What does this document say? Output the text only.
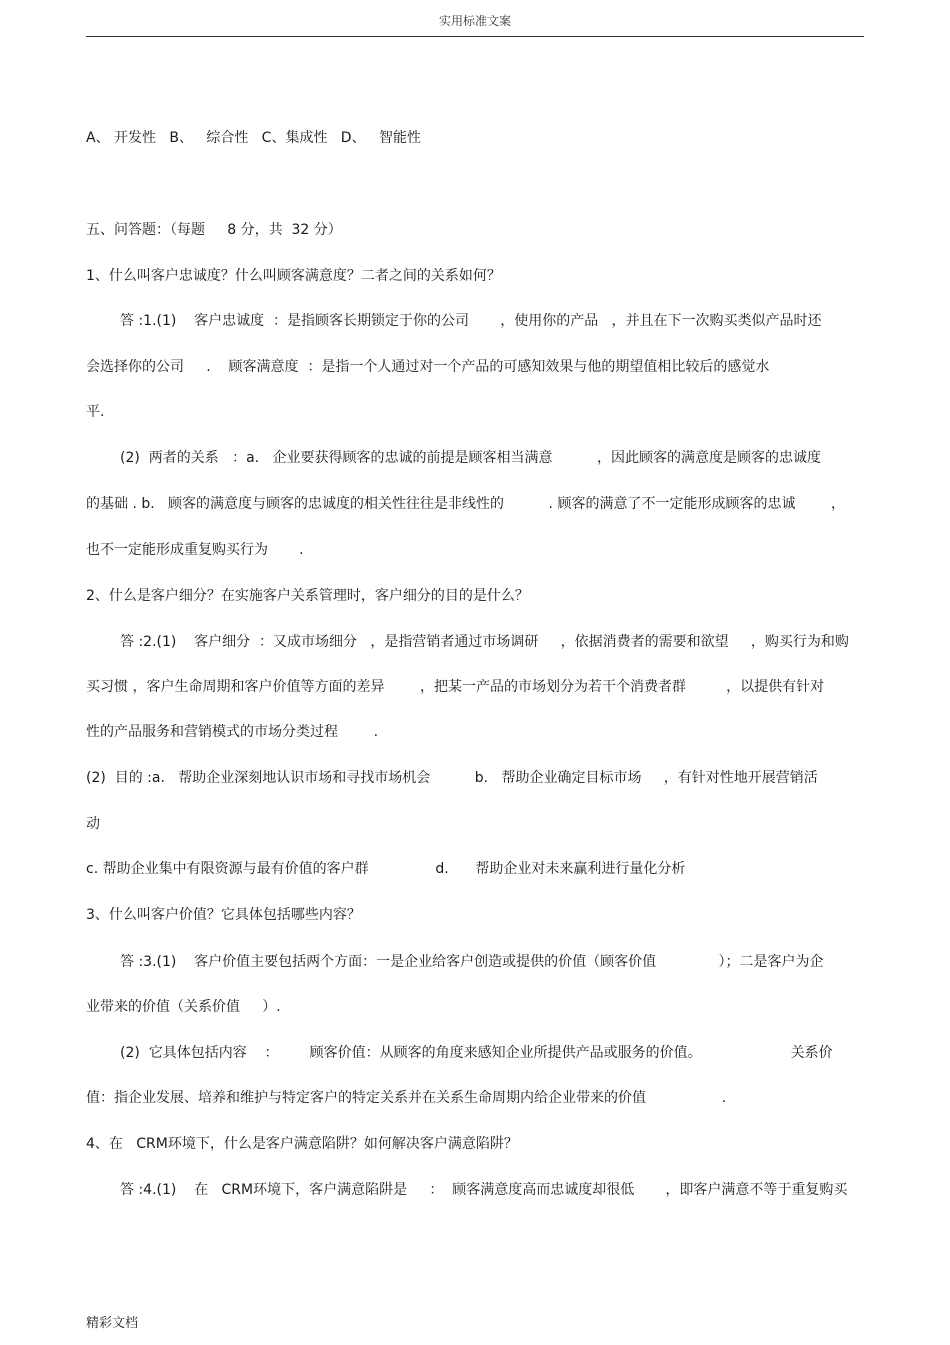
实用标准文案
A、 开发性   B、   综合性   C、集成性   D、   智能性
五、问答题：（每题     8 分，共  32 分）
1、什么叫客户忠诚度？什么叫顾客满意度？二者之间的关系如何？
答 :1.(1)    客户忠诚度  ：是指顾客长期锁定于你的公司       ，使用你的产品   ，并且在下一次购买类似产品时还
会选择你的公司     .    顾客满意度  ：是指一个人通过对一个产品的可感知效果与他的期望值相比较后的感觉水
平.
(2)  两者的关系   ：a.   企业要获得顾客的忠诚的前提是顾客相当满意          ，因此顾客的满意度是顾客的忠诚度
的基础 . b.   顾客的满意度与顾客的忠诚度的相关性往往是非线性的          . 顾客的满意了不一定能形成顾客的忠诚        ，
也不一定能形成重复购买行为       .
2、什么是客户细分？在实施客户关系管理时，客户细分的目的是什么？
答 :2.(1)    客户细分  ：又成市场细分   ，是指营销者通过市场调研     ，依据消费者的需要和欲望     ，购买行为和购
买习惯 ，客户生命周期和客户价值等方面的差异        ，把某一产品的市场划分为若干个消费者群         ，以提供有针对
性的产品服务和营销模式的市场分类过程        .
(2)  目的 :a.   帮助企业深刻地认识市场和寻找市场机会          b.   帮助企业确定目标市场     ，有针对性地开展营销活
动
c. 帮助企业集中有限资源与最有价值的客户群               d.      帮助企业对未来赢利进行量化分析
3、什么叫客户价值？它具体包括哪些内容？
答 :3.(1)    客户价值主要包括两个方面：一是企业给客户创造或提供的价值（顾客价值              ）；二是客户为企
业带来的价值（关系价值     ）.
(2)  它具体包括内容    ：       顾客价值：从顾客的角度来感知企业所提供产品或服务的价值。                    关系价
值：指企业发展、培养和维护与特定客户的特定关系并在关系生命周期内给企业带来的价值                 .
4、在   CRM环境下，什么是客户满意陷阱？如何解决客户满意陷阱？
答 :4.(1)    在   CRM环境下，客户满意陷阱是     ：  顾客满意度高而忠诚度却很低       ，即客户满意不等于重复购买
精彩文档
